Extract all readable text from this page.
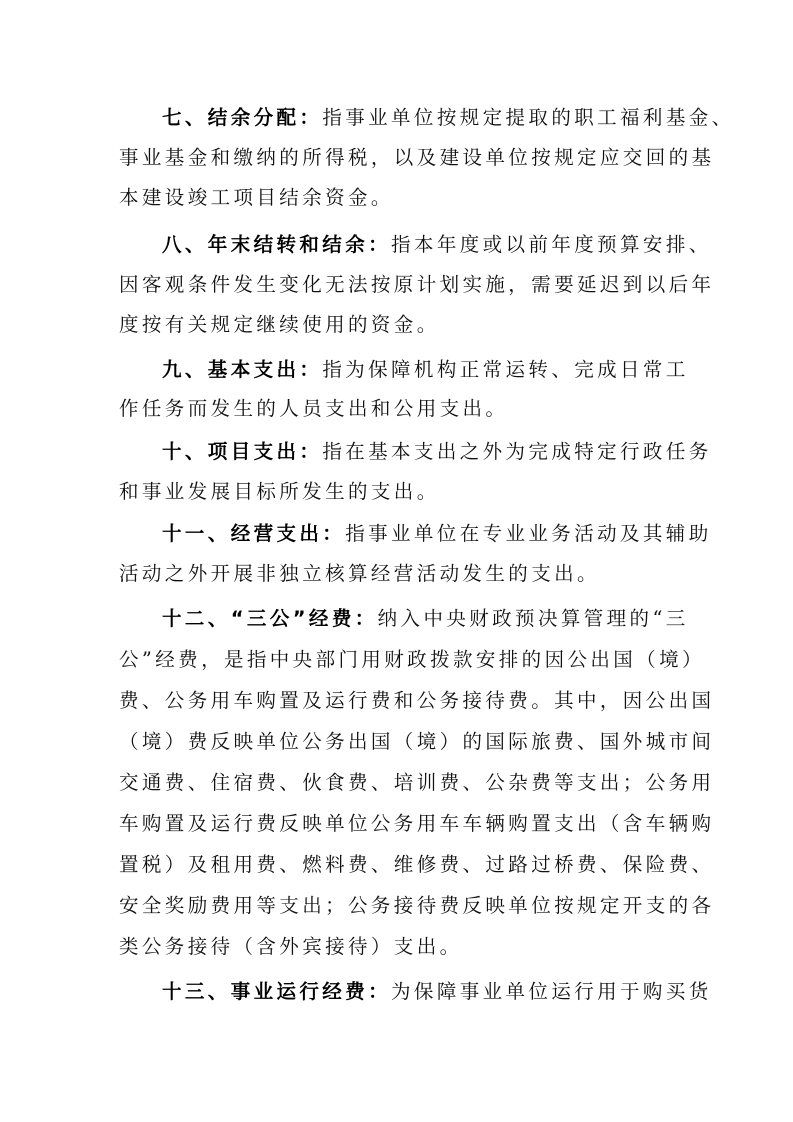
七、结余分配：指事业单位按规定提取的职工福利基金、

事业基金和缴纳的所得税，以及建设单位按规定应交回的基

本建设竣工项目结余资金。

八、年末结转和结余：指本年度或以前年度预算安排、

因客观条件发生变化无法按原计划实施，需要延迟到以后年

度按有关规定继续使用的资金。

九、基本支出：指为保障机构正常运转、完成日常工

作任务而发生的人员支出和公用支出。

十、项目支出：指在基本支出之外为完成特定行政任务

和事业发展目标所发生的支出。

十一、经营支出：指事业单位在专业业务活动及其辅助

活动之外开展非独立核算经营活动发生的支出。

十二、“三公”经费：纳入中央财政预决算管理的“三

公”经费，是指中央部门用财政拨款安排的因公出国（境）

费、公务用车购置及运行费和公务接待费。其中，因公出国

（境）费反映单位公务出国（境）的国际旅费、国外城市间

交通费、住宿费、伙食费、培训费、公杂费等支出；公务用

车购置及运行费反映单位公务用车车辆购置支出（含车辆购

置税）及租用费、燃料费、维修费、过路过桥费、保险费、

安全奖励费用等支出；公务接待费反映单位按规定开支的各

类公务接待（含外宾接待）支出。

十三、事业运行经费：为保障事业单位运行用于购买货
